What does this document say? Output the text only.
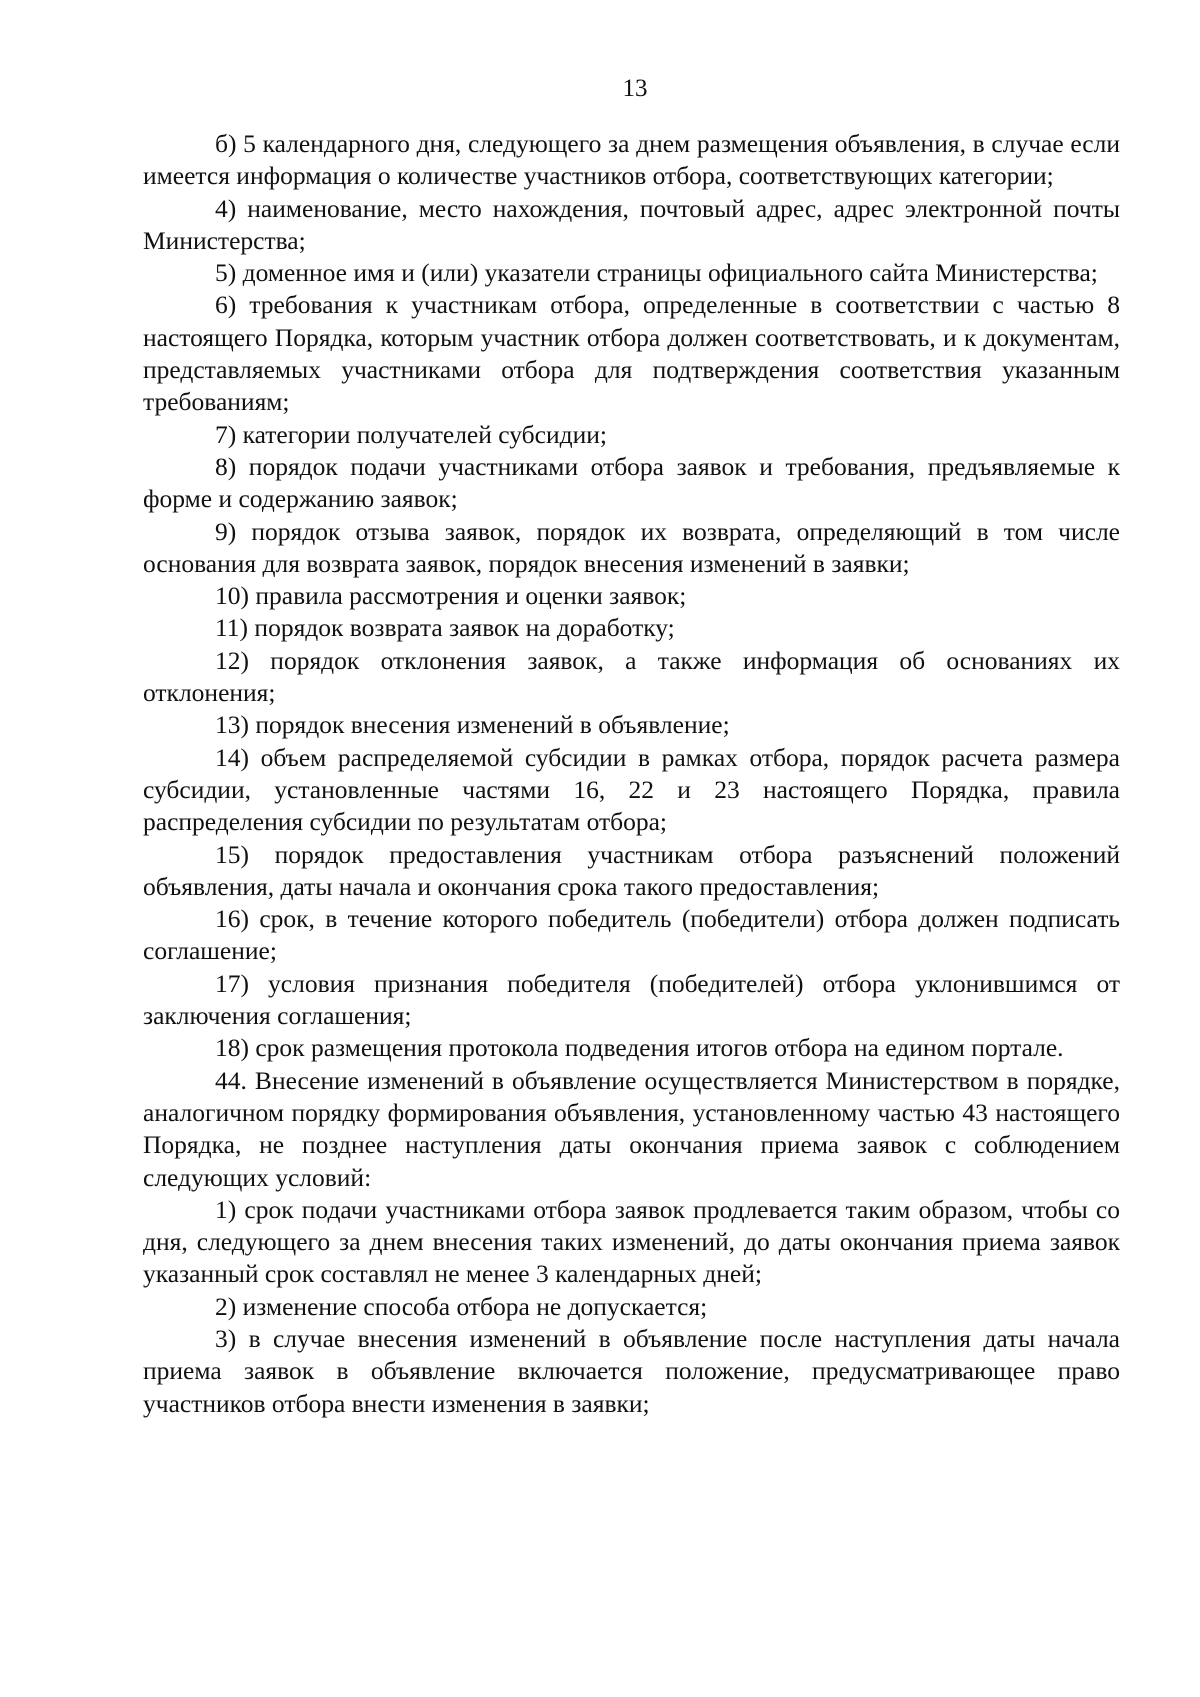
13

б) 5 календарного дня, следующего за днем размещения объявления, в случае если имеется информация о количестве участников отбора, соответствующих категории;

4) наименование, место нахождения, почтовый адрес, адрес электронной почты Министерства;

5) доменное имя и (или) указатели страницы официального сайта Министерства;

6) требования к участникам отбора, определенные в соответствии с частью 8 настоящего Порядка, которым участник отбора должен соответствовать, и к документам, представляемых участниками отбора для подтверждения соответствия указанным требованиям;

7) категории получателей субсидии;

8) порядок подачи участниками отбора заявок и требования, предъявляемые к форме и содержанию заявок;

9) порядок отзыва заявок, порядок их возврата, определяющий в том числе основания для возврата заявок, порядок внесения изменений в заявки;

10) правила рассмотрения и оценки заявок;

11) порядок возврата заявок на доработку;

12) порядок отклонения заявок, а также информация об основаниях их отклонения;

13) порядок внесения изменений в объявление;

14) объем распределяемой субсидии в рамках отбора, порядок расчета размера субсидии, установленные частями 16, 22 и 23 настоящего Порядка, правила распределения субсидии по результатам отбора;

15) порядок предоставления участникам отбора разъяснений положений объявления, даты начала и окончания срока такого предоставления;

16) срок, в течение которого победитель (победители) отбора должен подписать соглашение;

17) условия признания победителя (победителей) отбора уклонившимся от заключения соглашения;

18) срок размещения протокола подведения итогов отбора на едином портале.

44. Внесение изменений в объявление осуществляется Министерством в порядке, аналогичном порядку формирования объявления, установленному частью 43 настоящего Порядка, не позднее наступления даты окончания приема заявок с соблюдением следующих условий:

1) срок подачи участниками отбора заявок продлевается таким образом, чтобы со дня, следующего за днем внесения таких изменений, до даты окончания приема заявок указанный срок составлял не менее 3 календарных дней;

2) изменение способа отбора не допускается;

3) в случае внесения изменений в объявление после наступления даты начала приема заявок в объявление включается положение, предусматривающее право участников отбора внести изменения в заявки;
